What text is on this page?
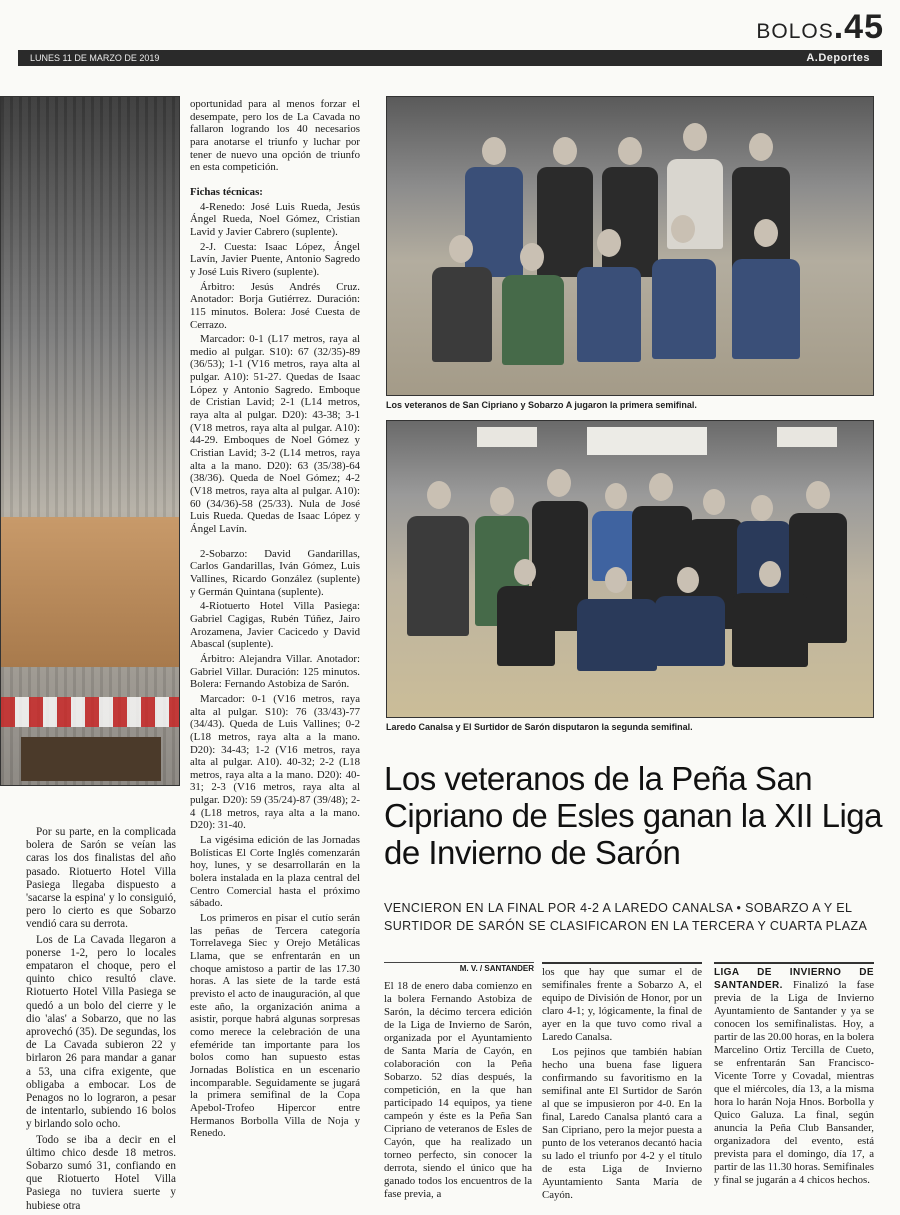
BOLOS.45
LUNES 11 DE MARZO DE 2019	A.Deportes

Por su parte, en la complicada bolera de Sarón se veían las caras los dos finalistas del año pasado. Riotuerto Hotel Villa Pasiega llegaba dispuesto a 'sacarse la espina' y lo consiguió, pero lo cierto es que Sobarzo vendió cara su derrota.

Los de La Cavada llegaron a ponerse 1-2, pero lo locales empataron el choque, pero el quinto chico resultó clave. Riotuerto Hotel Villa Pasiega se quedó a un bolo del cierre y le dio 'alas' a Sobarzo, que no las aprovechó (35). De segundas, los de La Cavada subieron 22 y birlaron 26 para mandar a ganar a 53, una cifra exigente, que obligaba a embocar. Los de Penagos no lo lograron, a pesar de intentarlo, subiendo 16 bolos y birlando solo ocho.

Todo se iba a decir en el último chico desde 18 metros. Sobarzo sumó 31, confiando en que Riotuerto Hotel Villa Pasiega no tuviera suerte y hubiese otra

oportunidad para al menos forzar el desempate, pero los de La Cavada no fallaron logrando los 40 necesarios para anotarse el triunfo y luchar por tener de nuevo una opción de triunfo en esta competición.

Fichas técnicas:

4-Renedo: José Luis Rueda, Jesús Ángel Rueda, Noel Gómez, Cristian Lavid y Javier Cabrero (suplente).

2-J. Cuesta: Isaac López, Ángel Lavín, Javier Puente, Antonio Sagredo y José Luis Rivero (suplente).

Árbitro: Jesús Andrés Cruz. Anotador: Borja Gutiérrez. Duración: 115 minutos. Bolera: José Cuesta de Cerrazo.

Marcador: 0-1 (L17 metros, raya al medio al pulgar. S10): 67 (32/35)-89 (36/53); 1-1 (V16 metros, raya alta al pulgar. A10): 51-27. Quedas de Isaac López y Antonio Sagredo. Emboque de Cristian Lavid; 2-1 (L14 metros, raya alta al pulgar. D20): 43-38; 3-1 (V18 metros, raya alta al pulgar. A10): 44-29. Emboques de Noel Gómez y Cristian Lavid; 3-2 (L14 metros, raya alta a la mano. D20): 63 (35/38)-64 (38/36). Queda de Noel Gómez; 4-2 (V18 metros, raya alta al pulgar. A10): 60 (34/36)-58 (25/33). Nula de José Luis Rueda. Quedas de Isaac López y Ángel Lavín.

2-Sobarzo: David Gandarillas, Carlos Gandarillas, Iván Gómez, Luis Vallines, Ricardo González (suplente) y Germán Quintana (suplente).

4-Riotuerto Hotel Villa Pasiega: Gabriel Cagigas, Rubén Túñez, Jairo Arozamena, Javier Cacicedo y David Abascal (suplente).

Árbitro: Alejandra Villar. Anotador: Gabriel Villar. Duración: 125 minutos. Bolera: Fernando Astobiza de Sarón.

Marcador: 0-1 (V16 metros, raya alta al pulgar. S10): 76 (33/43)-77 (34/43). Queda de Luis Vallines; 0-2 (L18 metros, raya alta a la mano. D20): 34-43; 1-2 (V16 metros, raya alta al pulgar. A10). 40-32; 2-2 (L18 metros, raya alta a la mano. D20): 40-31; 2-3 (V16 metros, raya alta al pulgar. D20): 59 (35/24)-87 (39/48); 2-4 (L18 metros, raya alta a la mano. D20): 31-40.

La vigésima edición de las Jornadas Bolísticas El Corte Inglés comenzarán hoy, lunes, y se desarrollarán en la bolera instalada en la plaza central del Centro Comercial hasta el próximo sábado.

Los primeros en pisar el cutío serán las peñas de Tercera categoría Torrelavega Siec y Orejo Metálicas Llama, que se enfrentarán en un choque amistoso a partir de las 17.30 horas. A las siete de la tarde está previsto el acto de inauguración, al que este año, la organización anima a asistir, porque habrá algunas sorpresas como merece la celebración de una efeméride tan importante para los bolos como han supuesto estas Jornadas Bolística en un escenario incomparable. Seguidamente se jugará la primera semifinal de la Copa Apebol-Trofeo Hipercor entre Hermanos Borbolla Villa de Noja y Renedo.

Los veteranos de San Cipriano y Sobarzo A jugaron la primera semifinal.
Laredo Canalsa y El Surtidor de Sarón disputaron la segunda semifinal.
Los veteranos de la Peña San Cipriano de Esles ganan la XII Liga de Invierno de Sarón
VENCIERON EN LA FINAL POR 4-2 A LAREDO CANALSA • SOBARZO A Y EL SURTIDOR DE SARÓN SE CLASIFICARON EN LA TERCERA Y CUARTA PLAZA
M. V. / SANTANDER

El 18 de enero daba comienzo en la bolera Fernando Astobiza de Sarón, la décimo tercera edición de la Liga de Invierno de Sarón, organizada por el Ayuntamiento de Santa María de Cayón, en colaboración con la Peña Sobarzo. 52 días después, la competición, en la que han participado 14 equipos, ya tiene campeón y éste es la Peña San Cipriano de veteranos de Esles de Cayón, que ha realizado un torneo perfecto, sin conocer la derrota, siendo el único que ha ganado todos los encuentros de la fase previa, a

los que hay que sumar el de semifinales frente a Sobarzo A, el equipo de División de Honor, por un claro 4-1; y, lógicamente, la final de ayer en la que tuvo como rival a Laredo Canalsa.

Los pejinos que también habían hecho una buena fase liguera confirmando su favoritismo en la semifinal ante El Surtidor de Sarón al que se impusieron por 4-0. En la final, Laredo Canalsa plantó cara a San Cipriano, pero la mejor puesta a punto de los veteranos decantó hacia su lado el triunfo por 4-2 y el título de esta Liga de Invierno Ayuntamiento Santa María de Cayón.

LIGA DE INVIERNO DE SANTANDER. Finalizó la fase previa de la Liga de Invierno Ayuntamiento de Santander y ya se conocen los semifinalistas. Hoy, a partir de las 20.00 horas, en la bolera Marcelino Ortiz Tercilla de Cueto, se enfrentarán San Francisco-Vicente Torre y Covadal, mientras que el miércoles, día 13, a la misma hora lo harán Noja Hnos. Borbolla y Quico Galuza. La final, según anuncia la Peña Club Bansander, organizadora del evento, está prevista para el domingo, día 17, a partir de las 11.30 horas. Semifinales y final se jugarán a 4 chicos hechos.
